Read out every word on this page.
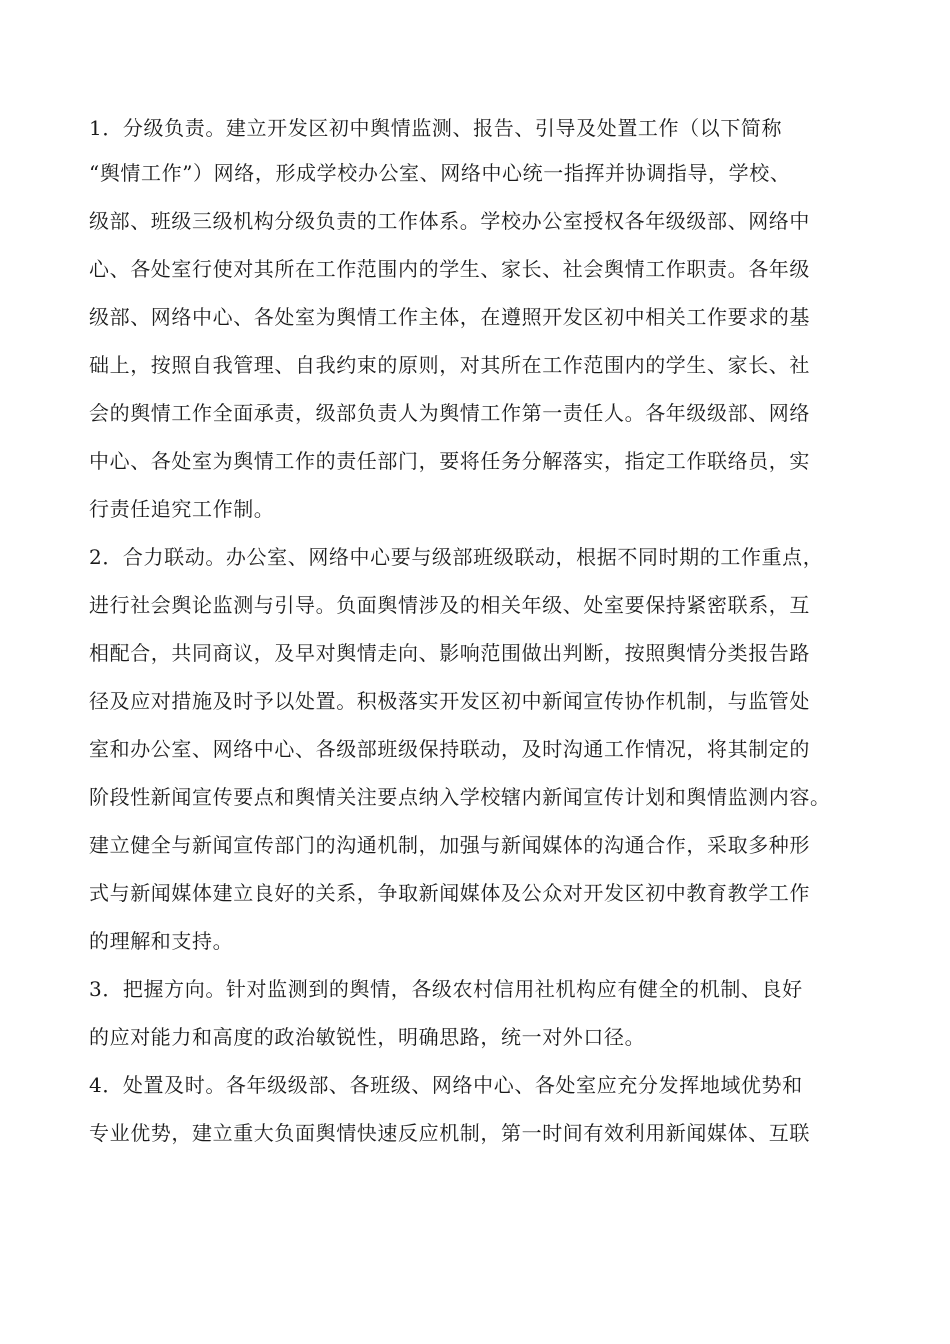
1．分级负责。建立开发区初中舆情监测、报告、引导及处置工作（以下简称
“舆情工作”）网络，形成学校办公室、网络中心统一指挥并协调指导，学校、
级部、班级三级机构分级负责的工作体系。学校办公室授权各年级级部、网络中
心、各处室行使对其所在工作范围内的学生、家长、社会舆情工作职责。各年级
级部、网络中心、各处室为舆情工作主体，在遵照开发区初中相关工作要求的基
础上，按照自我管理、自我约束的原则，对其所在工作范围内的学生、家长、社
会的舆情工作全面承责，级部负责人为舆情工作第一责任人。各年级级部、网络
中心、各处室为舆情工作的责任部门，要将任务分解落实，指定工作联络员，实
行责任追究工作制。
2．合力联动。办公室、网络中心要与级部班级联动，根据不同时期的工作重点，
进行社会舆论监测与引导。负面舆情涉及的相关年级、处室要保持紧密联系，互
相配合，共同商议，及早对舆情走向、影响范围做出判断，按照舆情分类报告路
径及应对措施及时予以处置。积极落实开发区初中新闻宣传协作机制，与监管处
室和办公室、网络中心、各级部班级保持联动，及时沟通工作情况，将其制定的
阶段性新闻宣传要点和舆情关注要点纳入学校辖内新闻宣传计划和舆情监测内容。
建立健全与新闻宣传部门的沟通机制，加强与新闻媒体的沟通合作，采取多种形
式与新闻媒体建立良好的关系，争取新闻媒体及公众对开发区初中教育教学工作
的理解和支持。
3．把握方向。针对监测到的舆情，各级农村信用社机构应有健全的机制、良好
的应对能力和高度的政治敏锐性，明确思路，统一对外口径。
4．处置及时。各年级级部、各班级、网络中心、各处室应充分发挥地域优势和
专业优势，建立重大负面舆情快速反应机制，第一时间有效利用新闻媒体、互联
